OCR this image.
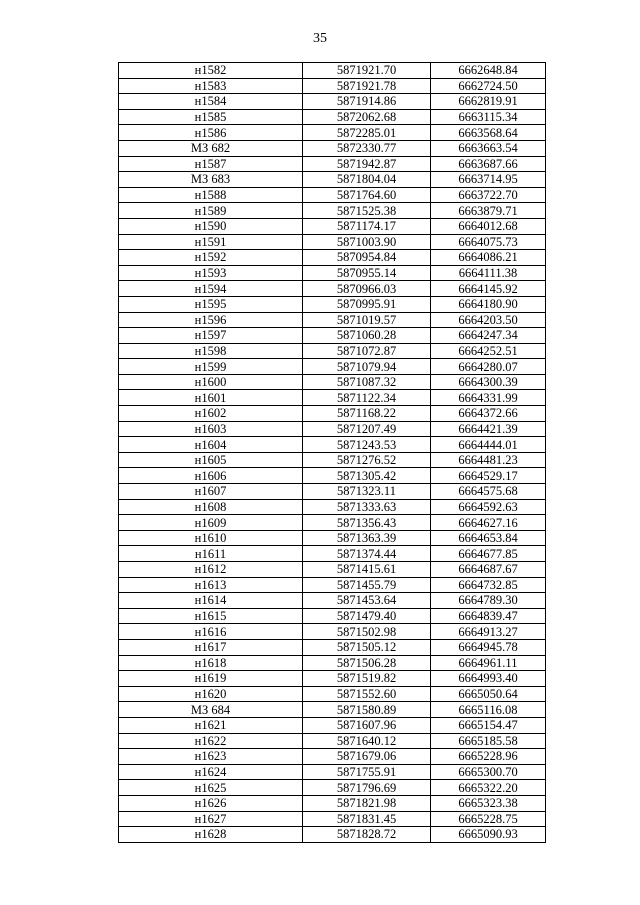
35
н1582	5871921.70	6662648.84
н1583	5871921.78	6662724.50
н1584	5871914.86	6662819.91
н1585	5872062.68	6663115.34
н1586	5872285.01	6663568.64
МЗ 682	5872330.77	6663663.54
н1587	5871942.87	6663687.66
МЗ 683	5871804.04	6663714.95
н1588	5871764.60	6663722.70
н1589	5871525.38	6663879.71
н1590	5871174.17	6664012.68
н1591	5871003.90	6664075.73
н1592	5870954.84	6664086.21
н1593	5870955.14	6664111.38
н1594	5870966.03	6664145.92
н1595	5870995.91	6664180.90
н1596	5871019.57	6664203.50
н1597	5871060.28	6664247.34
н1598	5871072.87	6664252.51
н1599	5871079.94	6664280.07
н1600	5871087.32	6664300.39
н1601	5871122.34	6664331.99
н1602	5871168.22	6664372.66
н1603	5871207.49	6664421.39
н1604	5871243.53	6664444.01
н1605	5871276.52	6664481.23
н1606	5871305.42	6664529.17
н1607	5871323.11	6664575.68
н1608	5871333.63	6664592.63
н1609	5871356.43	6664627.16
н1610	5871363.39	6664653.84
н1611	5871374.44	6664677.85
н1612	5871415.61	6664687.67
н1613	5871455.79	6664732.85
н1614	5871453.64	6664789.30
н1615	5871479.40	6664839.47
н1616	5871502.98	6664913.27
н1617	5871505.12	6664945.78
н1618	5871506.28	6664961.11
н1619	5871519.82	6664993.40
н1620	5871552.60	6665050.64
МЗ 684	5871580.89	6665116.08
н1621	5871607.96	6665154.47
н1622	5871640.12	6665185.58
н1623	5871679.06	6665228.96
н1624	5871755.91	6665300.70
н1625	5871796.69	6665322.20
н1626	5871821.98	6665323.38
н1627	5871831.45	6665228.75
н1628	5871828.72	6665090.93
